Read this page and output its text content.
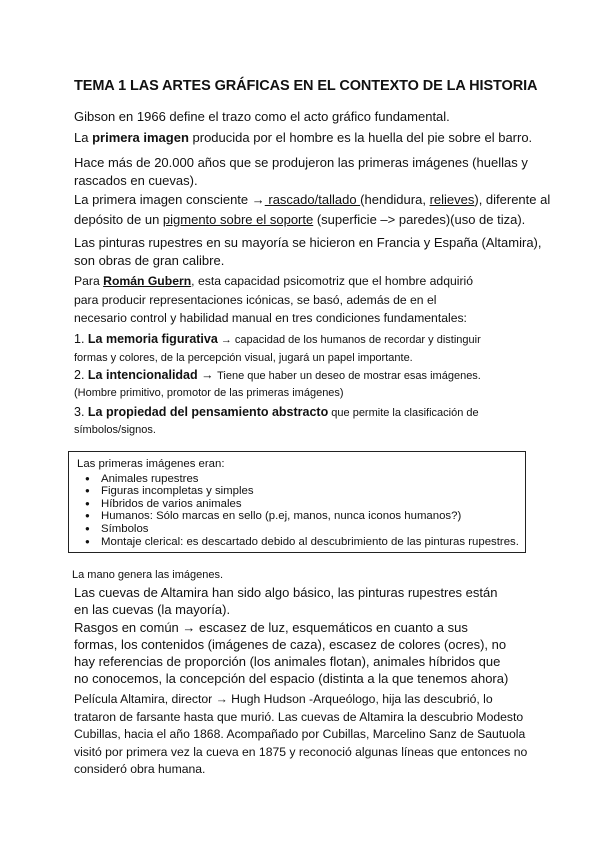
TEMA 1 LAS ARTES GRÁFICAS EN EL CONTEXTO DE LA HISTORIA
Gibson en 1966 define el trazo como el acto gráfico fundamental.
La primera imagen producida por el hombre es la huella del pie sobre el barro.
Hace más de 20.000 años que se produjeron las primeras imágenes (huellas y
rascados en cuevas).
La primera imagen consciente → rascado/tallado (hendidura, relieves), diferente al
depósito de un pigmento sobre el soporte (superficie –> paredes)(uso de tiza).
Las pinturas rupestres en su mayoría se hicieron en Francia y España (Altamira),
son obras de gran calibre.
Para Román Gubern, esta capacidad psicomotriz que el hombre adquirió
para producir representaciones icónicas, se basó, además de en el
necesario control y habilidad manual en tres condiciones fundamentales:
1. La memoria figurativa → capacidad de los humanos de recordar y distinguir
formas y colores, de la percepción visual, jugará un papel importante.
2. La intencionalidad → Tiene que haber un deseo de mostrar esas imágenes.
(Hombre primitivo, promotor de las primeras imágenes)
3. La propiedad del pensamiento abstracto que permite la clasificación de
símbolos/signos.
Las primeras imágenes eran:
● Animales rupestres
● Figuras incompletas y simples
● Híbridos de varios animales
● Humanos: Sólo marcas en sello (p.ej, manos, nunca iconos humanos?)
● Símbolos
● Montaje clerical: es descartado debido al descubrimiento de las pinturas rupestres.
La mano genera las imágenes.
Las cuevas de Altamira han sido algo básico, las pinturas rupestres están
en las cuevas (la mayoría).
Rasgos en común → escasez de luz, esquemáticos en cuanto a sus
formas, los contenidos (imágenes de caza), escasez de colores (ocres), no
hay referencias de proporción (los animales flotan), animales híbridos que
no conocemos, la concepción del espacio (distinta a la que tenemos ahora)
Película Altamira, director → Hugh Hudson -Arqueólogo, hija las descubrió, lo
trataron de farsante hasta que murió. Las cuevas de Altamira la descubrio Modesto
Cubillas, hacia el año 1868. Acompañado por Cubillas, Marcelino Sanz de Sautuola
visitó por primera vez la cueva en 1875 y reconoció algunas líneas que entonces no
consideró obra humana.
